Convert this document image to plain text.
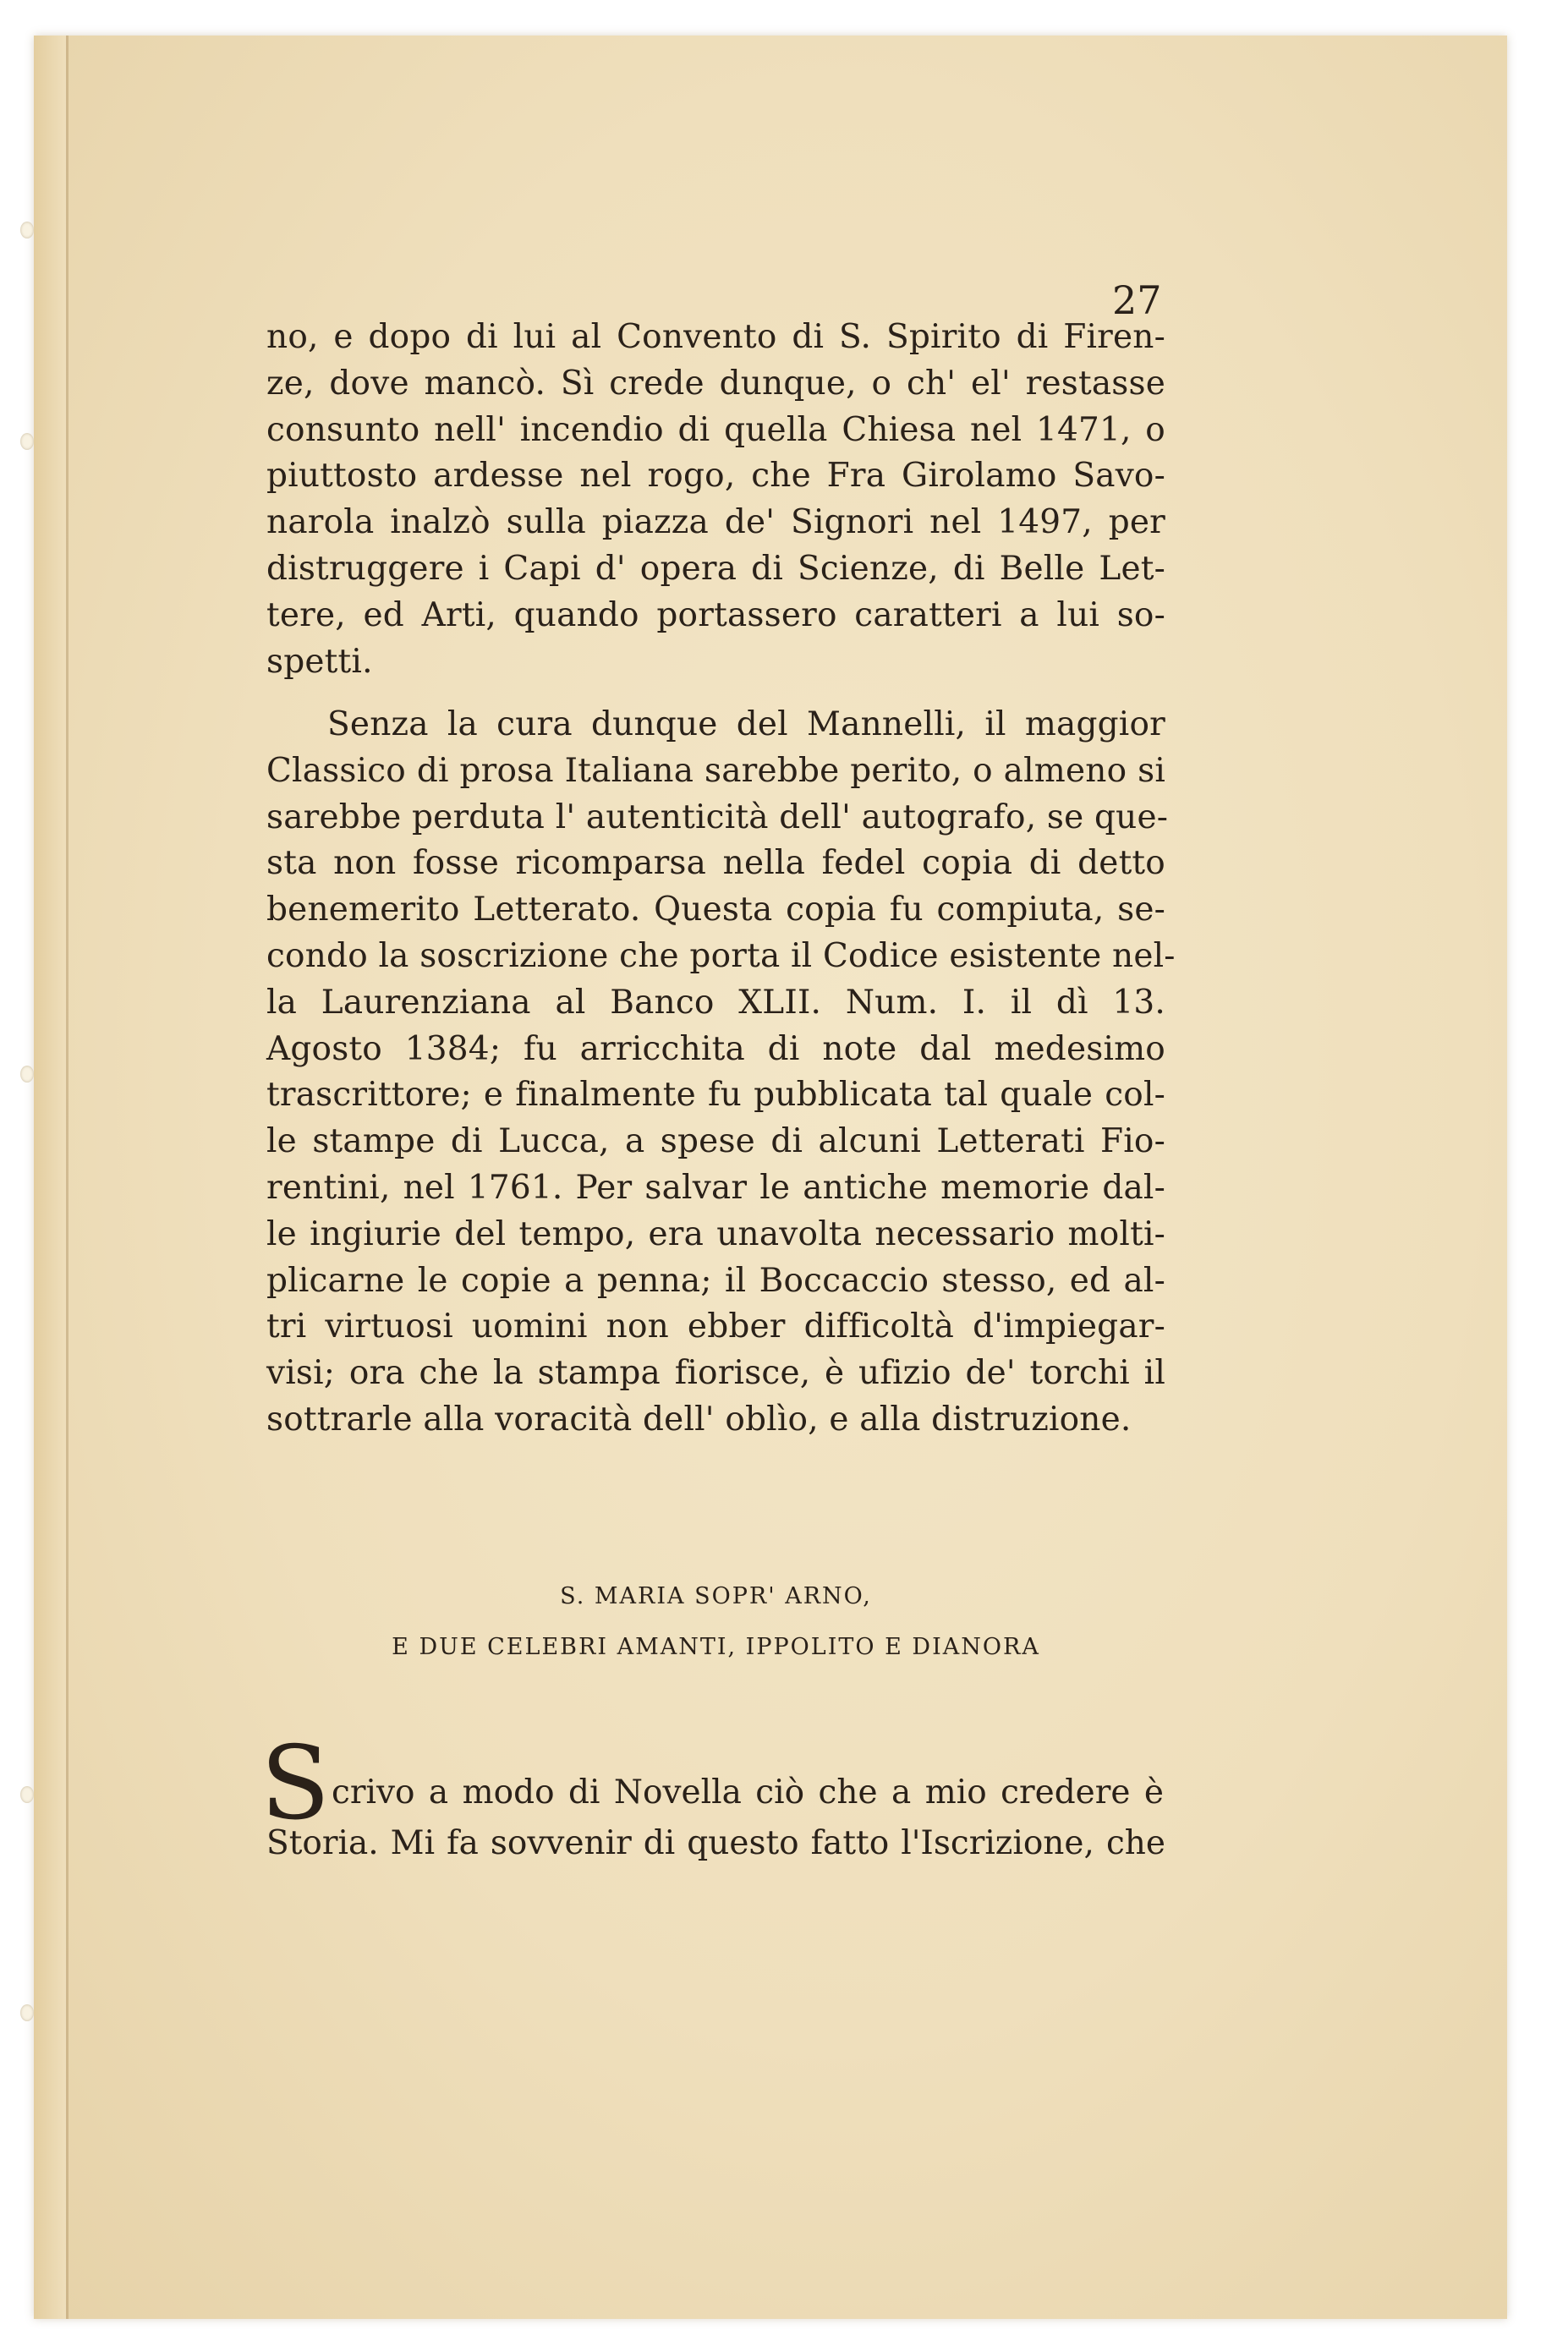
27
no, e dopo di lui al Convento di S. Spirito di Firen-
ze, dove mancò. Sì crede dunque, o ch' el' restasse
consunto nell' incendio di quella Chiesa nel 1471, o
piuttosto ardesse nel rogo, che Fra Girolamo Savo-
narola inalzò sulla piazza de' Signori nel 1497, per
distruggere i Capi d' opera di Scienze, di Belle Let-
tere, ed Arti, quando portassero caratteri a lui so-
spetti.
Senza la cura dunque del Mannelli, il maggior
Classico di prosa Italiana sarebbe perito, o almeno si
sarebbe perduta l' autenticità dell' autografo, se que-
sta non fosse ricomparsa nella fedel copia di detto
benemerito Letterato. Questa copia fu compiuta, se-
condo la soscrizione che porta il Codice esistente nel-
la Laurenziana al Banco XLII. Num. I. il dì 13.
Agosto 1384; fu arricchita di note dal medesimo
trascrittore; e finalmente fu pubblicata tal quale col-
le stampe di Lucca, a spese di alcuni Letterati Fio-
rentini, nel 1761. Per salvar le antiche memorie dal-
le ingiurie del tempo, era unavolta necessario molti-
plicarne le copie a penna; il Boccaccio stesso, ed al-
tri virtuosi uomini non ebber difficoltà d'impiegar-
visi; ora che la stampa fiorisce, è ufizio de' torchi il
sottrarle alla voracità dell' oblìo, e alla distruzione.
S. MARIA SOPR' ARNO,
E DUE CELEBRI AMANTI, IPPOLITO E DIANORA
S crivo a modo di Novella ciò che a mio credere è
Storia. Mi fa sovvenir di questo fatto l'Iscrizione, che
